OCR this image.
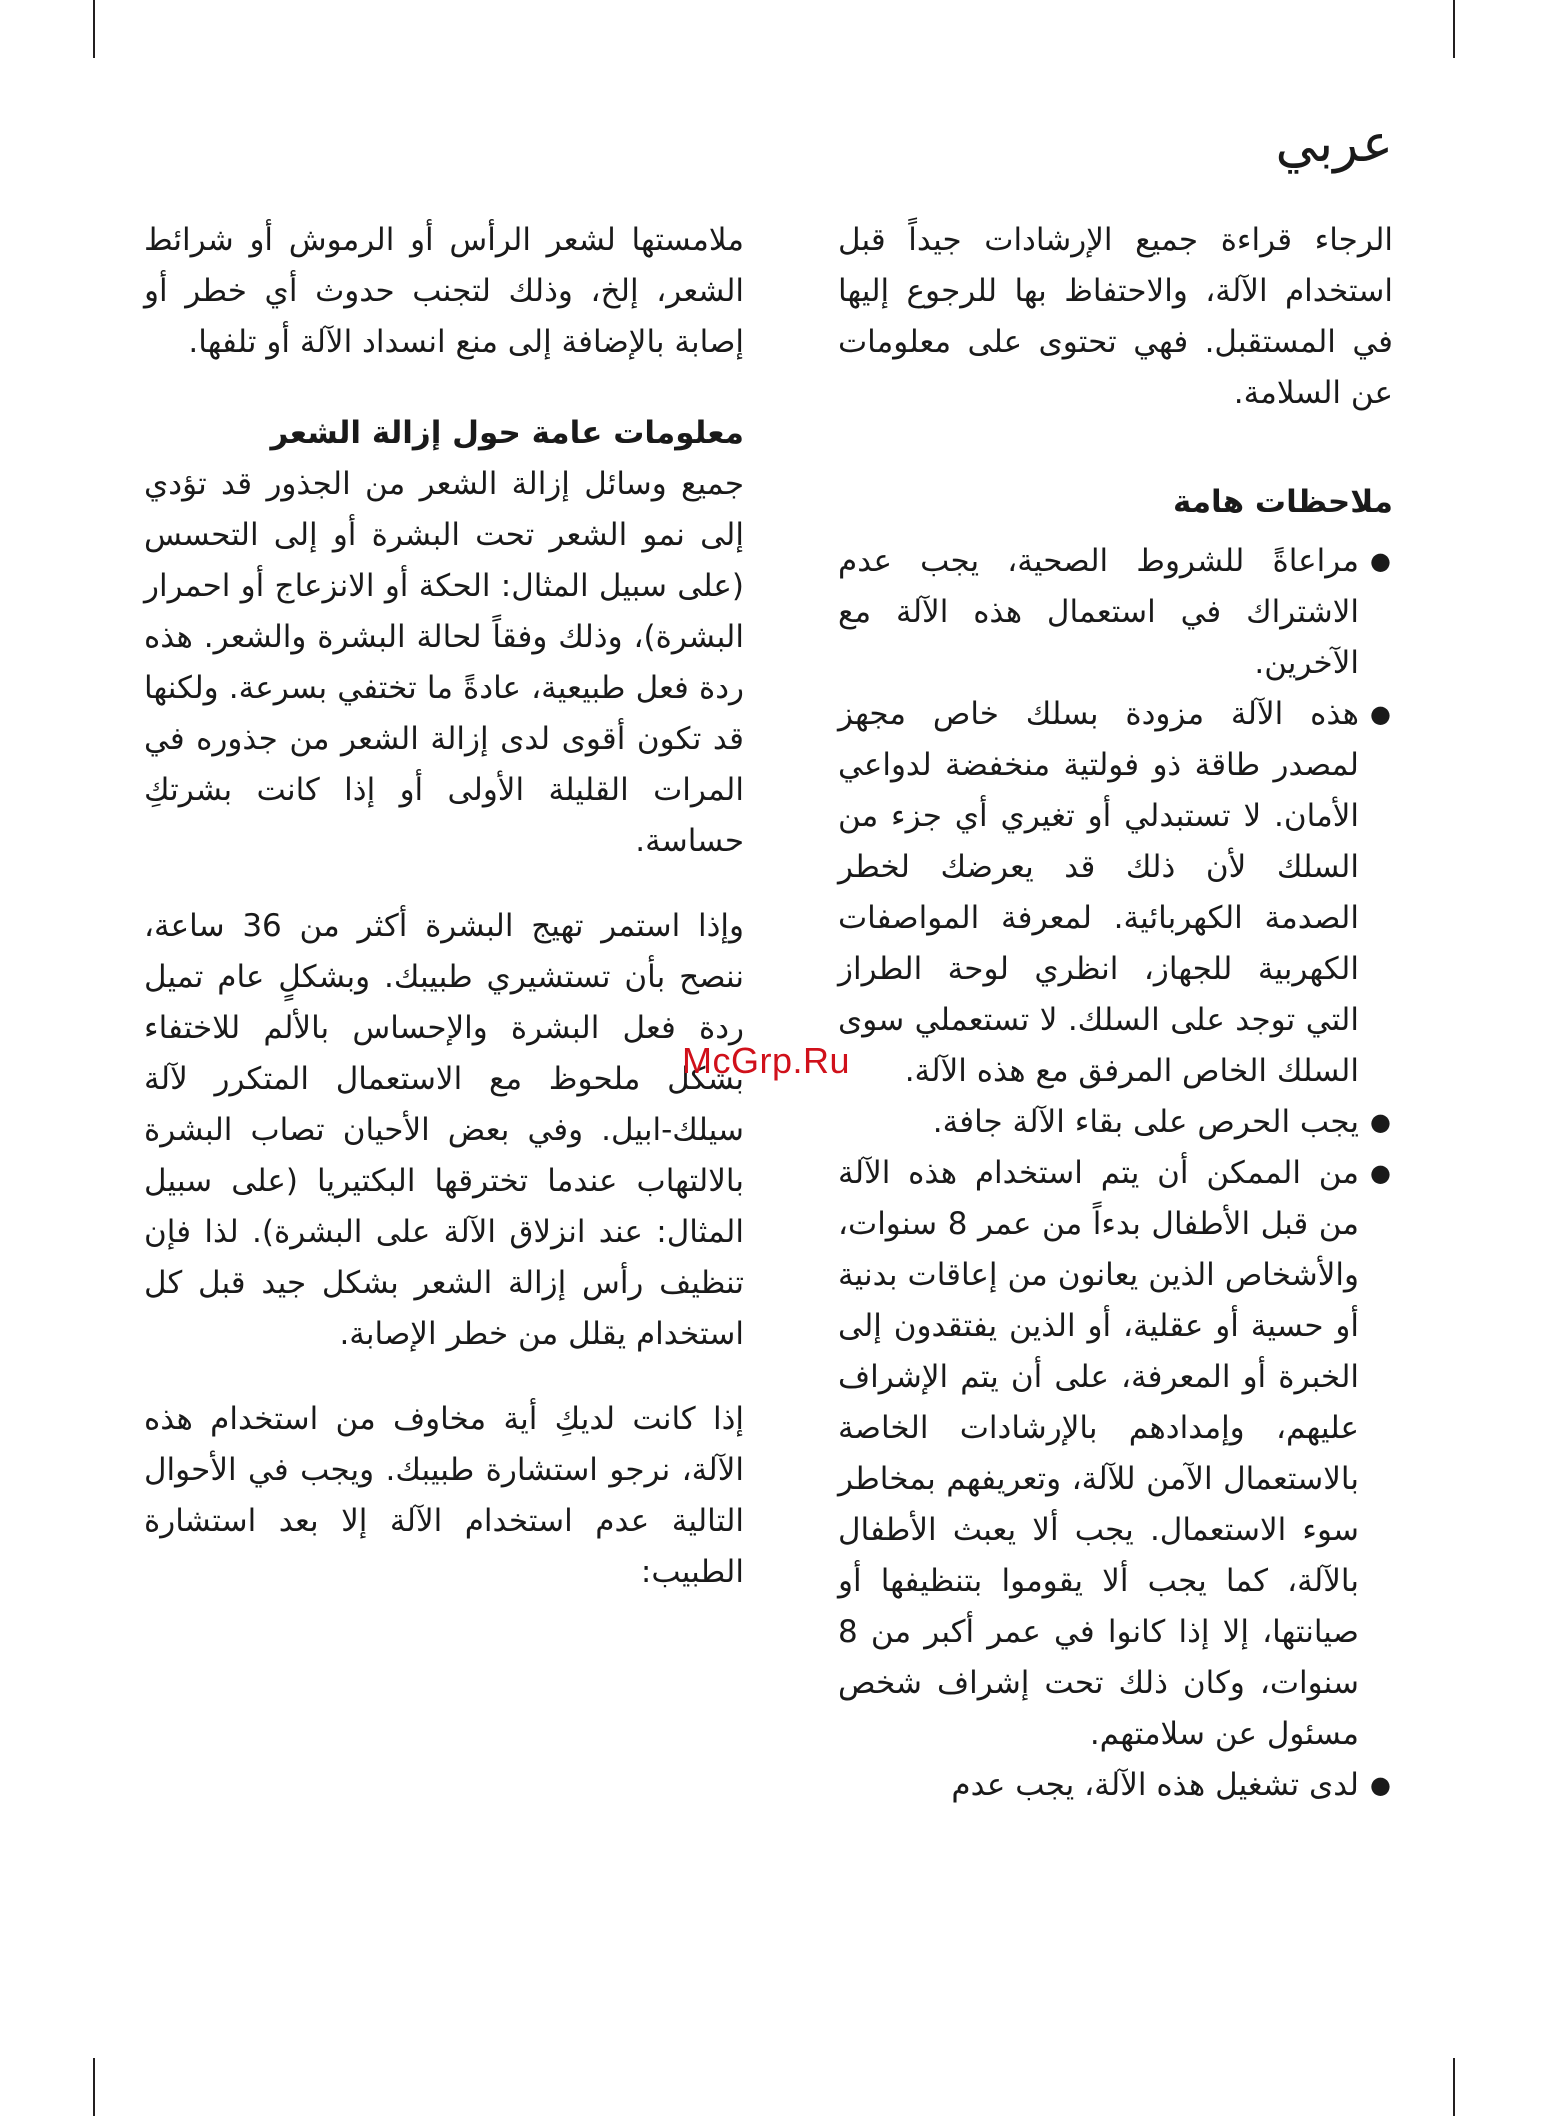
عربي

الرجاء قراءة جميع الإرشادات جيداً قبل استخدام الآلة، والاحتفاظ بها للرجوع إليها في المستقبل. فهي تحتوى على معلومات عن السلامة.

ملاحظات هامة
●
مراعاةً للشروط الصحية، يجب عدم الاشتراك في استعمال هذه الآلة مع الآخرين.
●
هذه الآلة مزودة بسلك خاص مجهز لمصدر طاقة ذو فولتية منخفضة لدواعي الأمان. لا تستبدلي أو تغيري أي جزء من السلك لأن ذلك قد يعرضك لخطر الصدمة الكهربائية. لمعرفة المواصفات الكهربية للجهاز، انظري لوحة الطراز التي توجد على السلك. لا تستعملي سوى السلك الخاص المرفق مع هذه الآلة.
●
يجب الحرص على بقاء الآلة جافة.
●
من الممكن أن يتم استخدام هذه الآلة من قبل الأطفال بدءاً من عمر 8 سنوات، والأشخاص الذين يعانون من إعاقات بدنية أو حسية أو عقلية، أو الذين يفتقدون إلى الخبرة أو المعرفة، على أن يتم الإشراف عليهم، وإمدادهم بالإرشادات الخاصة بالاستعمال الآمن للآلة، وتعريفهم بمخاطر سوء الاستعمال. يجب ألا يعبث الأطفال بالآلة، كما يجب ألا يقوموا بتنظيفها أو صيانتها، إلا إذا كانوا في عمر أكبر من 8 سنوات، وكان ذلك تحت إشراف شخص مسئول عن سلامتهم.
●
لدى تشغيل هذه الآلة، يجب عدم

ملامستها لشعر الرأس أو الرموش أو شرائط الشعر، إلخ، وذلك لتجنب حدوث أي خطر أو إصابة بالإضافة إلى منع انسداد الآلة أو تلفها.

معلومات عامة حول إزالة الشعر

جميع وسائل إزالة الشعر من الجذور قد تؤدي إلى نمو الشعر تحت البشرة أو إلى التحسس (على سبيل المثال: الحكة أو الانزعاج أو احمرار البشرة)، وذلك وفقاً لحالة البشرة والشعر. هذه ردة فعل طبيعية، عادةً ما تختفي بسرعة. ولكنها قد تكون أقوى لدى إزالة الشعر من جذوره في المرات القليلة الأولى أو إذا كانت بشرتكِ حساسة.

وإذا استمر تهيج البشرة أكثر من 36 ساعة، ننصح بأن تستشيري طبيبك. وبشكلٍ عام تميل ردة فعل البشرة والإحساس بالألم للاختفاء بشكل ملحوظ مع الاستعمال المتكرر لآلة سيلك-ابيل. وفي بعض الأحيان تصاب البشرة بالالتهاب عندما تخترقها البكتيريا (على سبيل المثال: عند انزلاق الآلة على البشرة). لذا فإن تنظيف رأس إزالة الشعر بشكل جيد قبل كل استخدام يقلل من خطر الإصابة.

إذا كانت لديكِ أية مخاوف من استخدام هذه الآلة، نرجو استشارة طبيبك. ويجب في الأحوال التالية عدم استخدام الآلة إلا بعد استشارة الطبيب:

McGrp.Ru
